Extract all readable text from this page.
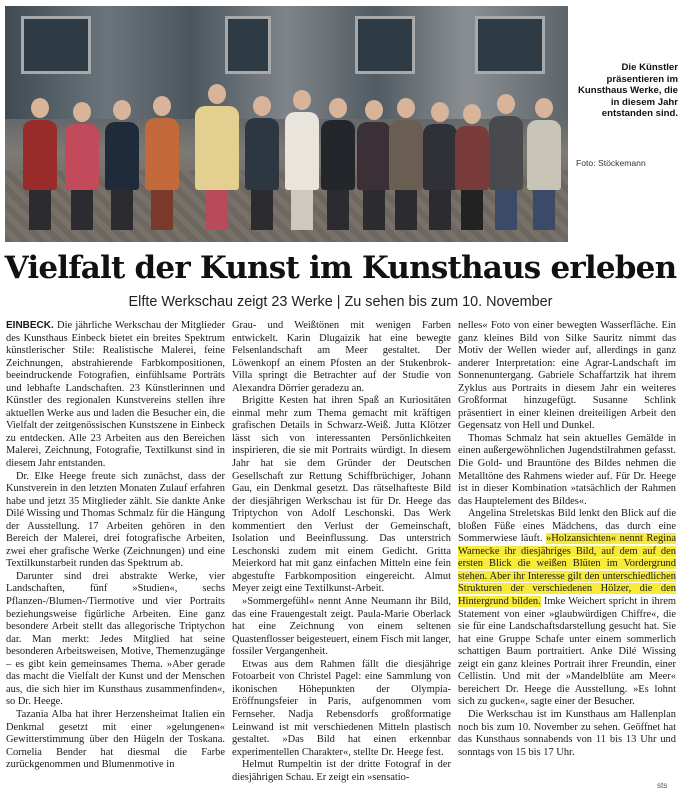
Die Künstler präsentieren im Kunsthaus Werke, die in diesem Jahr entstanden sind.
Foto: Stöckemann
Vielfalt der Kunst im Kunsthaus erleben
Elfte Werkschau zeigt 23 Werke | Zu sehen bis zum 10. November

EINBECK. Die jährliche Werkschau der Mitglieder des Kunsthaus Einbeck bietet ein breites Spektrum künstlerischer Stile: Realistische Malerei, feine Zeichnungen, abstrahierende Farbkompositionen, beeindruckende Fotografien, einfühlsame Porträts und lebhafte Landschaften. 23 Künstlerinnen und Künstler des regionalen Kunstvereins stellen ihre aktuellen Werke aus und laden die Besucher ein, die Vielfalt der zeitgenössischen Kunstszene in Einbeck zu entdecken. Alle 23 Arbeiten aus den Bereichen Malerei, Zeichnung, Fotografie, Textilkunst sind in diesem Jahr entstanden.

Dr. Elke Heege freute sich zunächst, dass der Kunstverein in den letzten Monaten Zulauf erfahren habe und jetzt 35 Mitglieder zählt. Sie dankte Anke Dilé Wissing und Thomas Schmalz für die Hängung der Ausstellung. 17 Arbeiten gehören in den Bereich der Malerei, drei fotografische Arbeiten, zwei eher grafische Werke (Zeichnungen) und eine Textilkunstarbeit runden das Spektrum ab.

Darunter sind drei abstrakte Werke, vier Landschaften, fünf »Studien«, sechs Pflanzen-/Blumen-/Tiermotive und vier Portraits beziehungsweise figürliche Arbeiten. Eine ganz besondere Arbeit stellt das allegorische Triptychon dar. Man merkt: Jedes Mitglied hat seine besonderen Arbeitsweisen, Motive, Themenzugänge – es gibt kein gemeinsames Thema. »Aber gerade das macht die Vielfalt der Kunst und der Menschen aus, die sich hier im Kunsthaus zusammenfinden«, so Dr. Heege.

Tazania Alba hat ihrer Herzensheimat Italien ein Denkmal gesetzt mit einer »gelungenen« Gewitterstimmung über den Hügeln der Toskana. Cornelia Bender hat diesmal die Farbe zurückgenommen und Blumenmotive in

Grau- und Weißtönen mit wenigen Farben entwickelt. Karin Dlugaizik hat eine bewegte Felsenlandschaft am Meer gestaltet. Der Löwenkopf an einem Pfosten an der Stukenbrok-Villa springt die Betrachter auf der Studie von Alexandra Dörrier geradezu an.

Brigitte Kesten hat ihren Spaß an Kuriositäten einmal mehr zum Thema gemacht mit kräftigen grafischen Details in Schwarz-Weiß. Jutta Klötzer lässt sich von interessanten Persönlichkeiten inspirieren, die sie mit Portraits würdigt. In diesem Jahr hat sie dem Gründer der Deutschen Gesellschaft zur Rettung Schiffbrüchiger, Johann Gau, ein Denkmal gesetzt. Das rätselhafteste Bild der diesjährigen Werkschau ist für Dr. Heege das Triptychon von Adolf Leschonski. Das Werk kommentiert den Verlust der Gemeinschaft, Isolation und Beeinflussung. Das unterstrich Leschonski zudem mit einem Gedicht. Gritta Meierkord hat mit ganz einfachen Mitteln eine fein abgestufte Farbkomposition eingereicht. Almut Meyer zeigt eine Textilkunst-Arbeit.

»Sommergefühl« nennt Anne Neumann ihr Bild, das eine Frauengestalt zeigt. Paula-Marie Oberlack hat eine Zeichnung von einem seltenen Quastenflosser beigesteuert, einem Fisch mit langer, fossiler Vergangenheit.

Etwas aus dem Rahmen fällt die diesjährige Fotoarbeit von Christel Pagel: eine Sammlung von ikonischen Höhepunkten der Olympia-Eröffnungsfeier in Paris, aufgenommen vom Fernseher. Nadja Rebensdorfs großformatige Leinwand ist mit verschiedenen Mitteln plastisch gestaltet. »Das Bild hat einen erkennbar experimentellen Charakter«, stellte Dr. Heege fest.

Helmut Rumpeltin ist der dritte Fotograf in der diesjährigen Schau. Er zeigt ein »sensatio-

nelles« Foto von einer bewegten Wasserfläche. Ein ganz kleines Bild von Silke Sauritz nimmt das Motiv der Wellen wieder auf, allerdings in ganz anderer Interpretation: eine Agrar-Landschaft im Sonnenuntergang. Gabriele Schaffartzik hat ihrem Zyklus aus Portraits in diesem Jahr ein weiteres Großformat hinzugefügt. Susanne Schlink präsentiert in einer kleinen dreiteiligen Arbeit den Gegensatz von Hell und Dunkel.

Thomas Schmalz hat sein aktuelles Gemälde in einen außergewöhnlichen Jugendstilrahmen gefasst. Die Gold- und Brauntöne des Bildes nehmen die Metalltöne des Rahmens wieder auf. Für Dr. Heege ist in dieser Kombination »tatsächlich der Rahmen das Hauptelement des Bildes«.

Angelina Streletskas Bild lenkt den Blick auf die bloßen Füße eines Mädchens, das durch eine Sommerwiese läuft. »Holzansichten« nennt Regina Warnecke ihr diesjähriges Bild, auf dem auf den ersten Blick die weißen Blüten im Vordergrund stehen. Aber ihr Interesse gilt den unterschiedlichen Strukturen der verschiedenen Hölzer, die den Hintergrund bilden. Imke Weichert spricht in ihrem Statement von einer »glaubwürdigen Chiffre«, die sie für eine Landschaftsdarstellung gesucht hat. Sie hat eine Gruppe Schafe unter einem sommerlich schattigen Baum portraitiert. Anke Dilé Wissing zeigt ein ganz kleines Portrait ihrer Freundin, einer Cellistin. Und mit der »Mandelblüte am Meer« bereichert Dr. Heege die Ausstellung. »Es lohnt sich zu gucken«, sagte einer der Besucher.

Die Werkschau ist im Kunsthaus am Hallenplan noch bis zum 10. November zu sehen. Geöffnet hat das Kunsthaus sonnabends von 11 bis 13 Uhr und sonntags von 15 bis 17 Uhr.

sts
